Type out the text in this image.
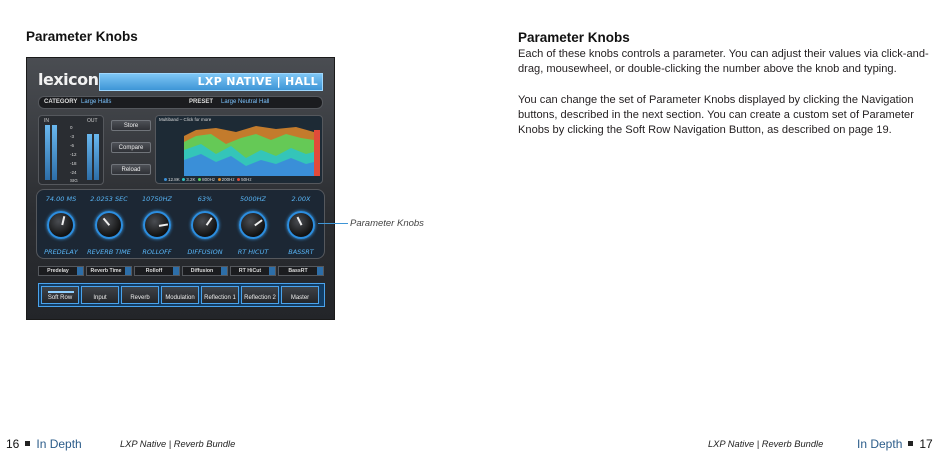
Parameter Knobs
lexicon	LXP NATIVE | HALL
CATEGORY Large Halls	PRESET Large Neutral Hall
IN	OUT
0
-3
-6
-12
-18
-24
SIG
Store
Compare
Reload
Multiband – Click for more
12.8K 3.2K 800Hz 200Hz 50Hz
74.00 MS	2.0253 SEC	10750HZ	63%	5000HZ	2.00X
PREDELAY	REVERB TIME	ROLLOFF	DIFFUSION	RT HICUT	BASSRT
Predelay	Reverb Time	Rolloff	Diffusion	RT HiCut	BassRT
Soft Row	Input	Reverb	Modulation	Reflection 1	Reflection 2	Master
Parameter Knobs
Parameter Knobs

Each of these knobs controls a parameter. You can adjust their values via click-and-drag, mousewheel, or double-clicking the number above the knob and typing.

You can change the set of Parameter Knobs displayed by clicking the Navigation buttons, described in the next section. You can create a custom set of Parameter Knobs by clicking the Soft Row Navigation Button, as described on page 19.

16 In Depth	LXP Native | Reverb Bundle	LXP Native | Reverb Bundle	In Depth 17
